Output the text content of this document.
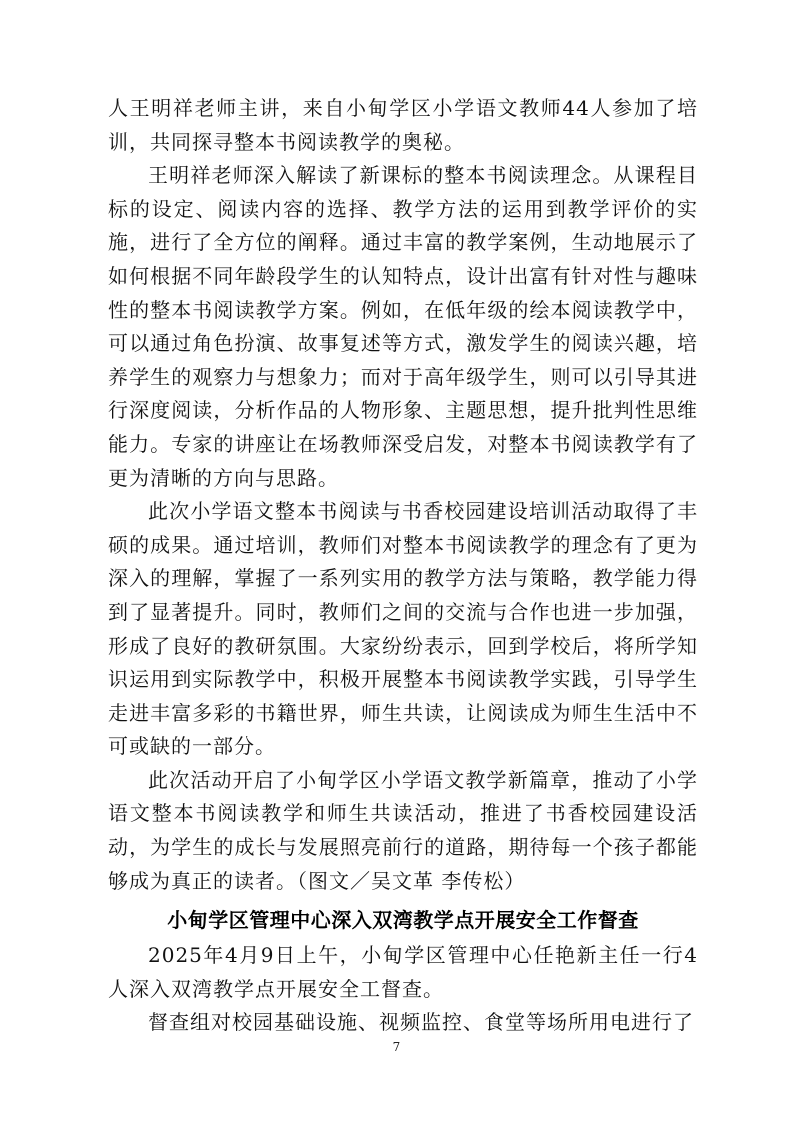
人王明祥老师主讲，来自小甸学区小学语文教师44人参加了培训，共同探寻整本书阅读教学的奥秘。

王明祥老师深入解读了新课标的整本书阅读理念。从课程目标的设定、阅读内容的选择、教学方法的运用到教学评价的实施，进行了全方位的阐释。通过丰富的教学案例，生动地展示了如何根据不同年龄段学生的认知特点，设计出富有针对性与趣味性的整本书阅读教学方案。例如，在低年级的绘本阅读教学中，可以通过角色扮演、故事复述等方式，激发学生的阅读兴趣，培养学生的观察力与想象力；而对于高年级学生，则可以引导其进行深度阅读，分析作品的人物形象、主题思想，提升批判性思维能力。专家的讲座让在场教师深受启发，对整本书阅读教学有了更为清晰的方向与思路。

此次小学语文整本书阅读与书香校园建设培训活动取得了丰硕的成果。通过培训，教师们对整本书阅读教学的理念有了更为深入的理解，掌握了一系列实用的教学方法与策略，教学能力得到了显著提升。同时，教师们之间的交流与合作也进一步加强，形成了良好的教研氛围。大家纷纷表示，回到学校后，将所学知识运用到实际教学中，积极开展整本书阅读教学实践，引导学生走进丰富多彩的书籍世界，师生共读，让阅读成为师生生活中不可或缺的一部分。

此次活动开启了小甸学区小学语文教学新篇章，推动了小学语文整本书阅读教学和师生共读活动，推进了书香校园建设活动，为学生的成长与发展照亮前行的道路，期待每一个孩子都能够成为真正的读者。（图文／吴文革 李传松）

小甸学区管理中心深入双湾教学点开展安全工作督查

2025年4月9日上午，小甸学区管理中心任艳新主任一行4人深入双湾教学点开展安全工督查。

督查组对校园基础设施、视频监控、食堂等场所用电进行了

7
